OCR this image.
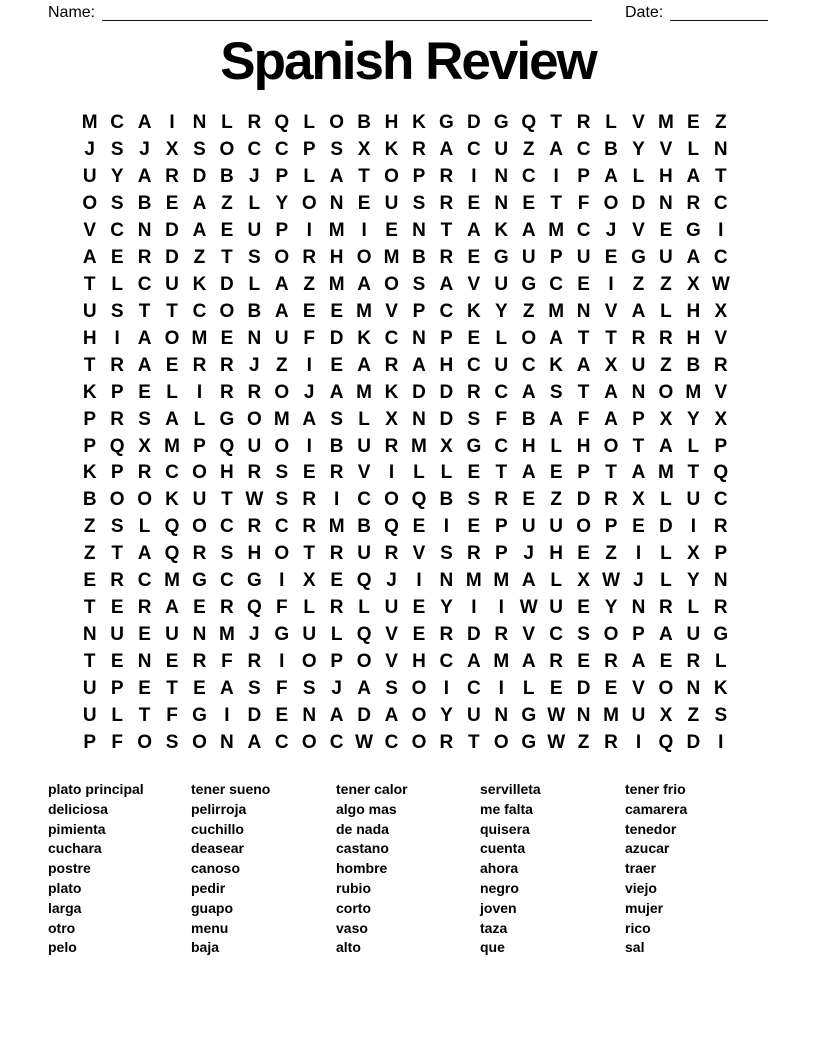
Name:	Date:
Spanish Review
M C A I N L R Q L O B H K G D G Q T R L V M E Z
J S J X S O C C P S X K R A C U Z A C B Y V L N
U Y A R D B J P L A T O P R I N C I P A L H A T
O S B E A Z L Y O N E U S R E N E T F O D N R C
V C N D A E U P I M I E N T A K A M C J V E G I
A E R D Z T S O R H O M B R E G U P U E G U A C
T L C U K D L A Z M A O S A V U G C E I Z Z X W
U S T T C O B A E E M V P C K Y Z M N V A L H X
H I A O M E N U F D K C N P E L O A T T R R H V
T R A E R R J Z	I E A R A H C U C K A X U Z B R
K P E L	I R R O J A M K D D R C A S T A N O M V
P R S A L G O M A S L X N D S F B A F A P X Y X
P Q X M P Q U O I B U R M X G C H L H O T A L P
K P R C O H R S E R V I L L E T A E P T A M T Q
B O O K U T W S R I C O Q B S R E Z D R X L U C
Z S L Q O C R C R M B Q E I E P U U O P E D I R
Z T A Q R S H O T R U R V S R P J H E Z	I L X P
E R C M G C G I X E Q J	I N M M A L X W J L Y N
T E R A E R Q F L R L U E Y I	I W U E Y N R L R
N U E U N M J G U L Q V E R D R V C S O P A U G
T E N E R F R I O P O V H C A M A R E R A E R L
U P E T E A S F S J A S O I C I L E D E V O N K
U L T F G I D E N A D A O Y U N G W N M U X Z S
P F O S O N A C O C W C O R T O G W Z R I Q D I
plato principal
deliciosa
pimienta
cuchara
postre
plato
larga
otro
pelo
tener sueno
pelirroja
cuchillo
deasear
canoso
pedir
guapo
menu
baja
tener calor
algo mas
de nada
castano
hombre
rubio
corto
vaso
alto
servilleta
me falta
quisera
cuenta
ahora
negro
joven
taza
que
tener frio
camarera
tenedor
azucar
traer
viejo
mujer
rico
sal
